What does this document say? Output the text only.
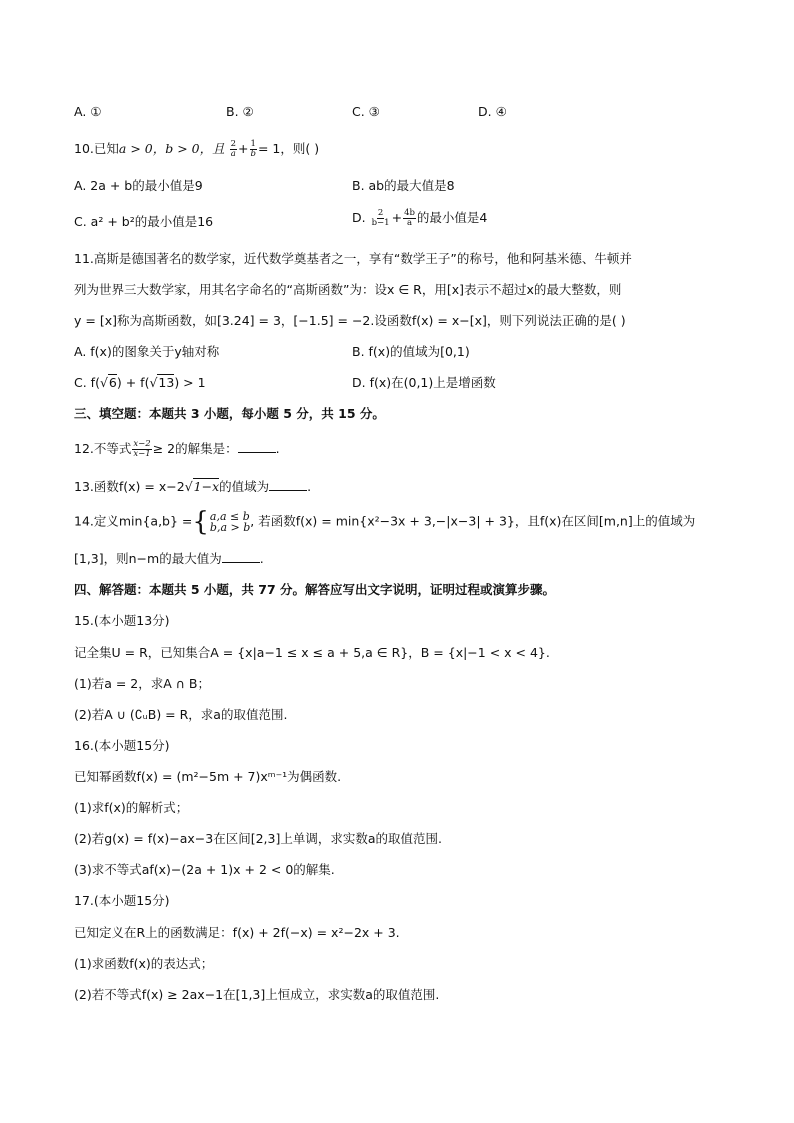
A. ①	B. ②	C. ③	D. ④
10.已知a > 0，b > 0，且 $\frac{2}{a} + \frac{1}{b} = 1$，则( )
A. 2a + b的最小值是9	B. ab的最大值是8
C. a² + b²的最小值是16	D. $\frac{2}{b-1} + \frac{4b}{a}$ 的最小值是4
11.高斯是德国著名的数学家，近代数学奠基者之一，享有“数学王子”的称号，他和阿基米德、牛顿并
列为世界三大数学家，用其名字命名的“高斯函数”为：设x ∈ R，用[x]表示不超过x的最大整数，则
y = [x]称为高斯函数，如[3.24] = 3，[−1.5] = −2.设函数f(x) = x−[x]，则下列说法正确的是( )
A. f(x)的图象关于y轴对称	B. f(x)的值域为[0,1)
C. f(√6) + f(√13) > 1	D. f(x)在(0,1)上是增函数
三、填空题：本题共 3 小题，每小题 5 分，共 15 分。
12.不等式 $\frac{x-2}{x-1} \ge 2$的解集是：	.
13.函数f(x) = x−2√1−x的值域为	.
14.定义min{a,b} = { a,a ≤ b
b,a > b , 若函数f(x) = min{x²−3x + 3,−|x−3| + 3}，且f(x)在区间[m,n]上的值域为
[1,3]，则n−m的最大值为	.
四、解答题：本题共 5 小题，共 77 分。解答应写出文字说明，证明过程或演算步骤。
15.(本小题13分)
记全集U = R，已知集合A = {x|a−1 ≤ x ≤ a + 5,a ∈ R}，B = {x|−1 < x < 4}.
(1)若a = 2，求A ∩ B；
(2)若A ∪ (∁ᵤB) = R，求a的取值范围.
16.(本小题15分)
已知幂函数f(x) = (m²−5m + 7)xᵐ⁻¹为偶函数.
(1)求f(x)的解析式；
(2)若g(x) = f(x)−ax−3在区间[2,3]上单调，求实数a的取值范围.
(3)求不等式af(x)−(2a + 1)x + 2 < 0的解集.
17.(本小题15分)
已知定义在R上的函数满足：f(x) + 2f(−x) = x²−2x + 3.
(1)求函数f(x)的表达式；
(2)若不等式f(x) ≥ 2ax−1在[1,3]上恒成立，求实数a的取值范围.
